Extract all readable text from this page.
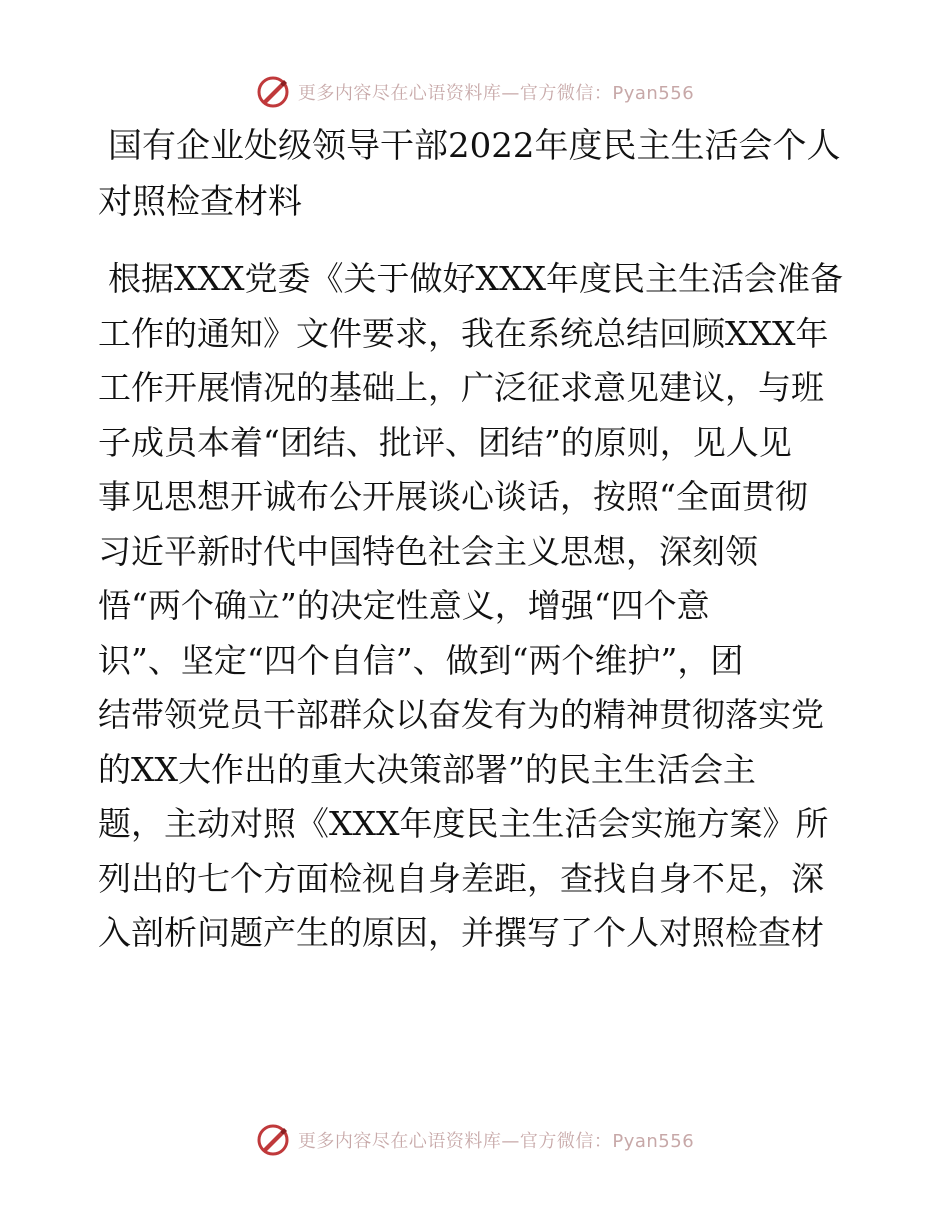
更多内容尽在心语资料库—官方微信：Pyan556
国有企业处级领导干部2022年度民主生活会个人
对照检查材料

根据XXX党委《关于做好XXX年度民主生活会准备
工作的通知》文件要求，我在系统总结回顾XXX年
工作开展情况的基础上，广泛征求意见建议，与班
子成员本着“团结、批评、团结”的原则，见人见
事见思想开诚布公开展谈心谈话，按照“全面贯彻
习近平新时代中国特色社会主义思想，深刻领
悟“两个确立”的决定性意义，增强“四个意
识”、坚定“四个自信”、做到“两个维护”，团
结带领党员干部群众以奋发有为的精神贯彻落实党
的XX大作出的重大决策部署”的民主生活会主
题，主动对照《XXX年度民主生活会实施方案》所
列出的七个方面检视自身差距，查找自身不足，深
入剖析问题产生的原因，并撰写了个人对照检查材

更多内容尽在心语资料库—官方微信：Pyan556
